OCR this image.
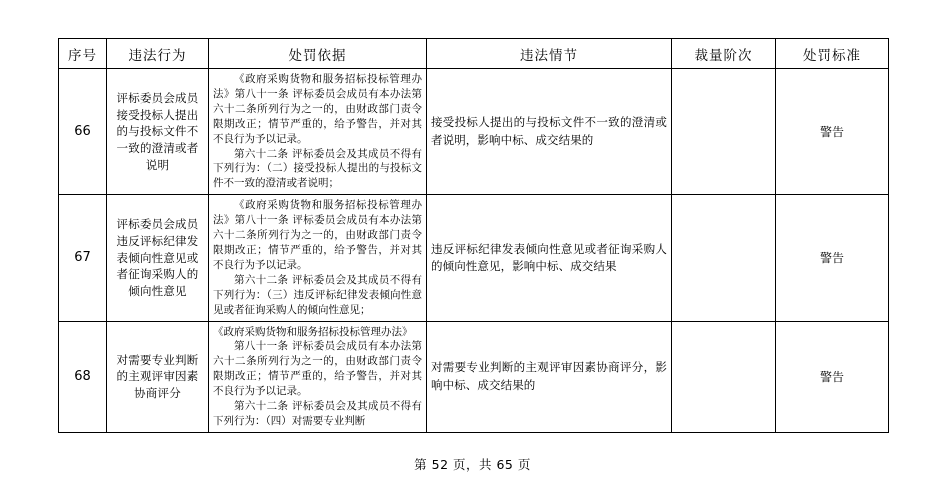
序号	违法行为	处罚依据	违法情节	裁量阶次	处罚标准
66	评标委员会成员接受投标人提出的与投标文件不一致的澄清或者说明	《政府采购货物和服务招标投标管理办法》第八十一条 评标委员会成员有本办法第六十二条所列行为之一的，由财政部门责令限期改正；情节严重的，给予警告，并对其不良行为予以记录。

第六十二条 评标委员会及其成员不得有下列行为：（二）接受投标人提出的与投标文件不一致的澄清或者说明；	接受投标人提出的与投标文件不一致的澄清或者说明，影响中标、成交结果的		警告
67	评标委员会成员违反评标纪律发表倾向性意见或者征询采购人的倾向性意见	《政府采购货物和服务招标投标管理办法》第八十一条 评标委员会成员有本办法第六十二条所列行为之一的，由财政部门责令限期改正；情节严重的，给予警告，并对其不良行为予以记录。

第六十二条 评标委员会及其成员不得有下列行为：（三）违反评标纪律发表倾向性意见或者征询采购人的倾向性意见；	违反评标纪律发表倾向性意见或者征询采购人的倾向性意见，影响中标、成交结果		警告
68	对需要专业判断的主观评审因素协商评分	《政府采购货物和服务招标投标管理办法》

第八十一条 评标委员会成员有本办法第六十二条所列行为之一的，由财政部门责令限期改正；情节严重的，给予警告，并对其不良行为予以记录。

第六十二条 评标委员会及其成员不得有下列行为：（四）对需要专业判断	对需要专业判断的主观评审因素协商评分，影响中标、成交结果的		警告
第 52 页，共 65 页
